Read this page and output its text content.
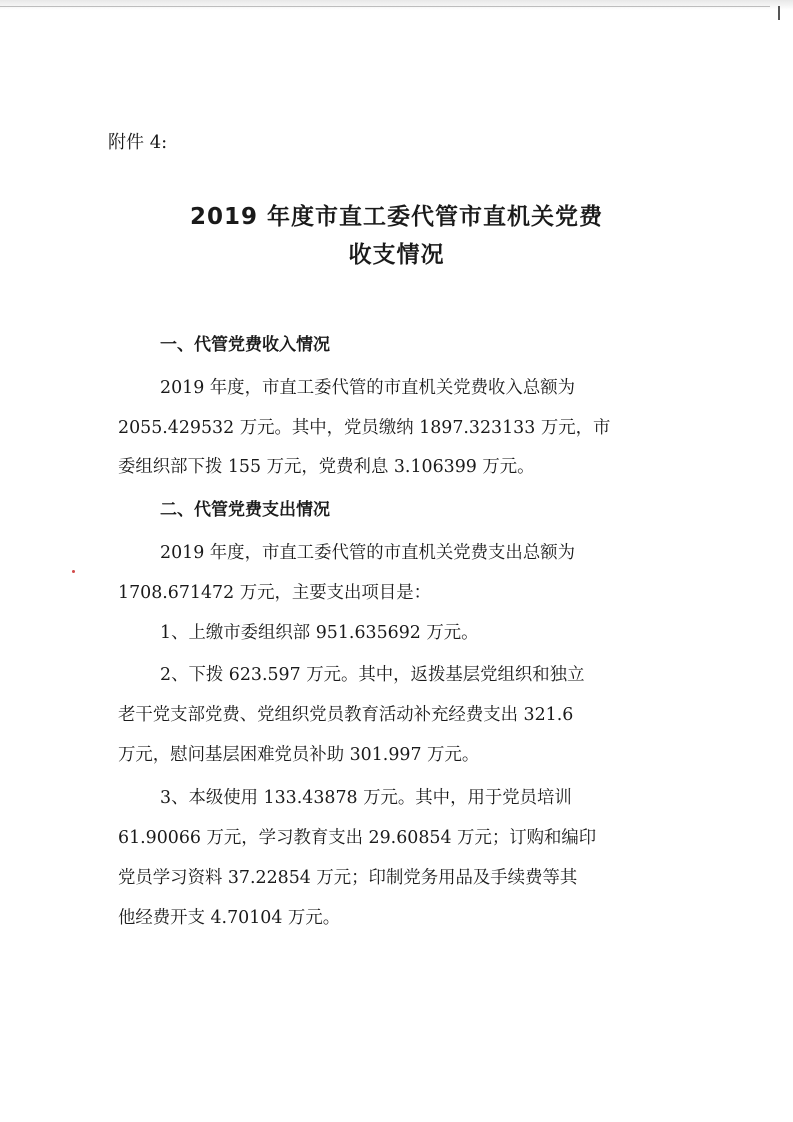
附件 4:
2019 年度市直工委代管市直机关党费
收支情况
一、代管党费收入情况
2019 年度，市直工委代管的市直机关党费收入总额为
2055.429532 万元。其中，党员缴纳 1897.323133 万元，市
委组织部下拨 155 万元，党费利息 3.106399 万元。
二、代管党费支出情况
2019 年度，市直工委代管的市直机关党费支出总额为
1708.671472 万元，主要支出项目是：
1、上缴市委组织部 951.635692 万元。
2、下拨 623.597 万元。其中，返拨基层党组织和独立
老干党支部党费、党组织党员教育活动补充经费支出 321.6
万元，慰问基层困难党员补助 301.997 万元。
3、本级使用 133.43878 万元。其中，用于党员培训
61.90066 万元，学习教育支出 29.60854 万元；订购和编印
党员学习资料 37.22854 万元；印制党务用品及手续费等其
他经费开支 4.70104 万元。
